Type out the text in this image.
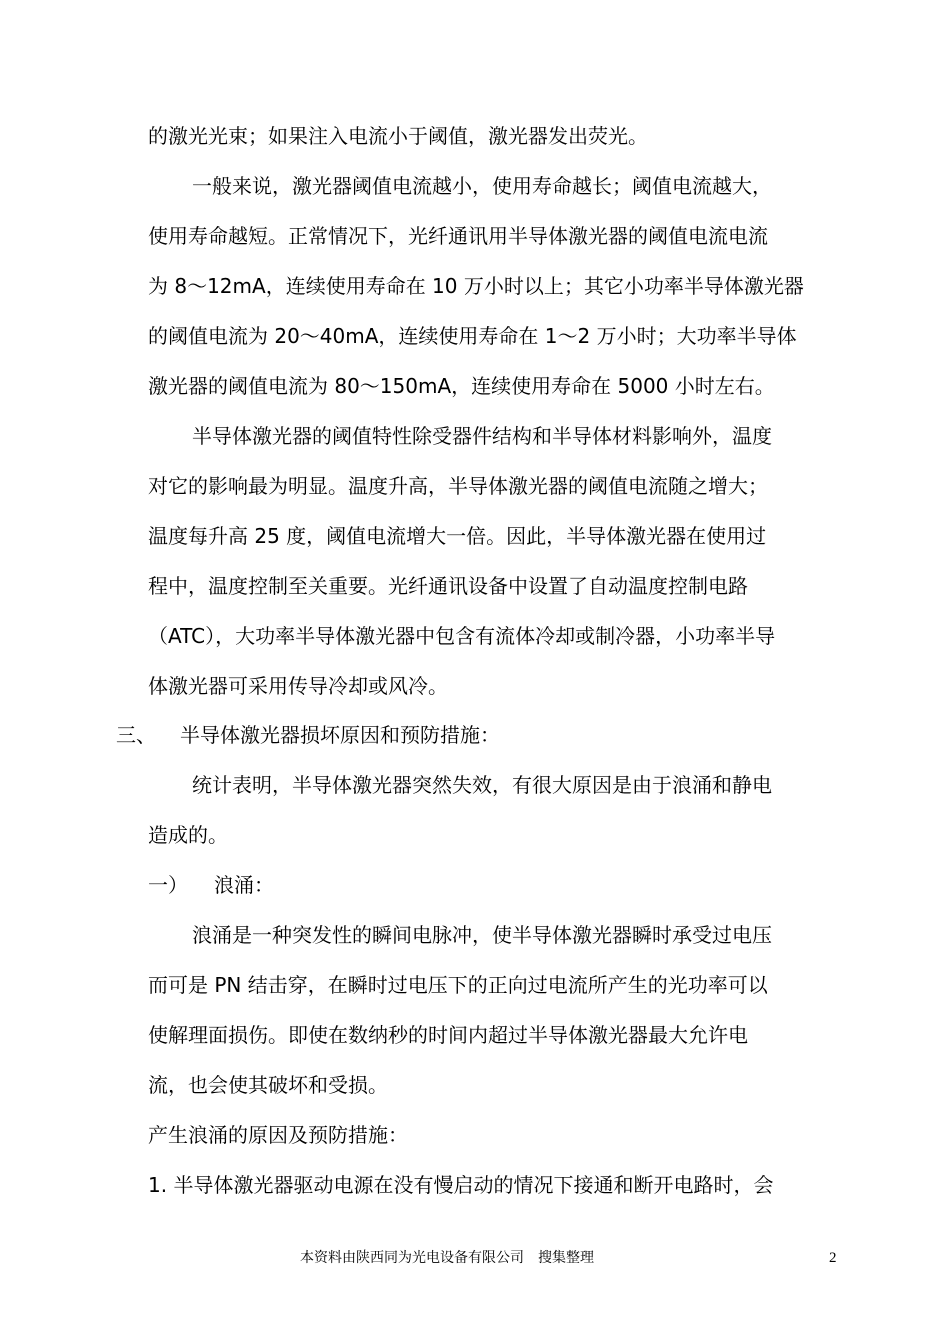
的激光光束；如果注入电流小于阈值，激光器发出荧光。
一般来说，激光器阈值电流越小，使用寿命越长；阈值电流越大，
使用寿命越短。正常情况下，光纤通讯用半导体激光器的阈值电流电流
为 8～12mA，连续使用寿命在 10 万小时以上；其它小功率半导体激光器
的阈值电流为 20～40mA，连续使用寿命在 1～2 万小时；大功率半导体
激光器的阈值电流为 80～150mA，连续使用寿命在 5000 小时左右。
半导体激光器的阈值特性除受器件结构和半导体材料影响外，温度
对它的影响最为明显。温度升高，半导体激光器的阈值电流随之增大；
温度每升高 25 度，阈值电流增大一倍。因此，半导体激光器在使用过
程中，温度控制至关重要。光纤通讯设备中设置了自动温度控制电路
（ATC），大功率半导体激光器中包含有流体冷却或制冷器，小功率半导
体激光器可采用传导冷却或风冷。
三、 半导体激光器损坏原因和预防措施：
统计表明，半导体激光器突然失效，有很大原因是由于浪涌和静电
造成的。
一）	浪涌：
浪涌是一种突发性的瞬间电脉冲，使半导体激光器瞬时承受过电压
而可是 PN 结击穿，在瞬时过电压下的正向过电流所产生的光功率可以
使解理面损伤。即使在数纳秒的时间内超过半导体激光器最大允许电
流，也会使其破坏和受损。
产生浪涌的原因及预防措施：
1. 半导体激光器驱动电源在没有慢启动的情况下接通和断开电路时，会
本资料由陕西同为光电设备有限公司　搜集整理	2
